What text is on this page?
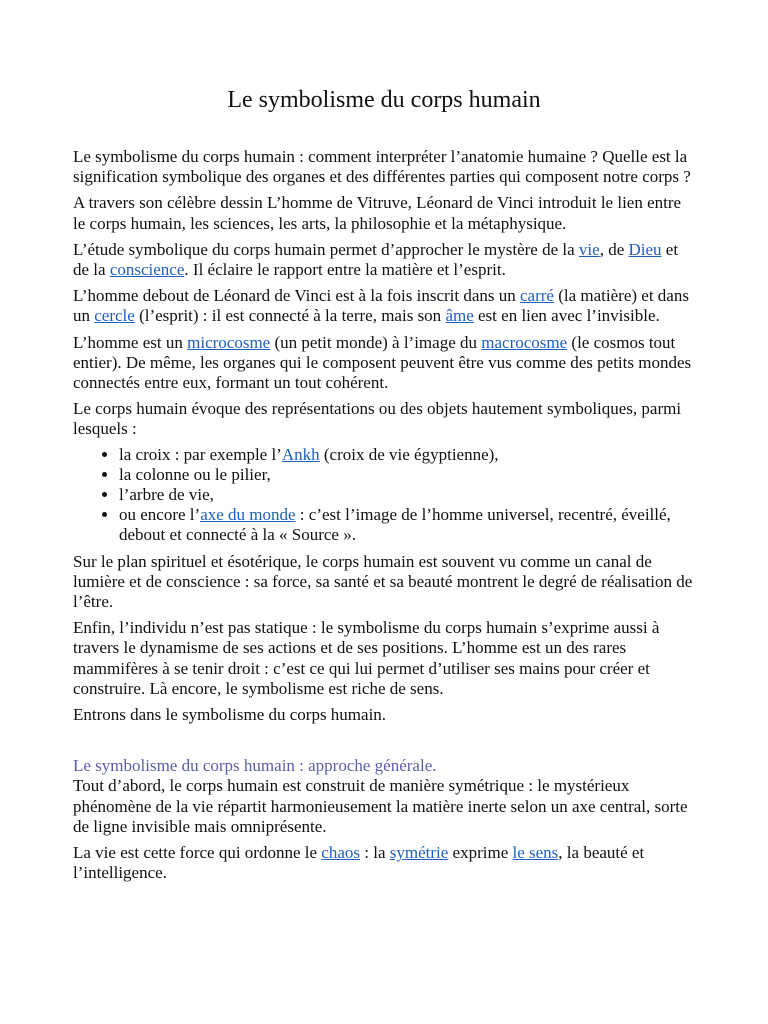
Le symbolisme du corps humain

Le symbolisme du corps humain : comment interpréter l’anatomie humaine ? Quelle est la signification symbolique des organes et des différentes parties qui composent notre corps ?

A travers son célèbre dessin L’homme de Vitruve, Léonard de Vinci introduit le lien entre le corps humain, les sciences, les arts, la philosophie et la métaphysique.

L’étude symbolique du corps humain permet d’approcher le mystère de la vie, de Dieu et de la conscience. Il éclaire le rapport entre la matière et l’esprit.

L’homme debout de Léonard de Vinci est à la fois inscrit dans un carré (la matière) et dans un cercle (l’esprit) : il est connecté à la terre, mais son âme est en lien avec l’invisible.

L’homme est un microcosme (un petit monde) à l’image du macrocosme (le cosmos tout entier). De même, les organes qui le composent peuvent être vus comme des petits mondes connectés entre eux, formant un tout cohérent.

Le corps humain évoque des représentations ou des objets hautement symboliques, parmi lesquels :

• la croix : par exemple l’Ankh (croix de vie égyptienne),
• la colonne ou le pilier,
• l’arbre de vie,
• ou encore l’axe du monde : c’est l’image de l’homme universel, recentré, éveillé, debout et connecté à la « Source ».

Sur le plan spirituel et ésotérique, le corps humain est souvent vu comme un canal de lumière et de conscience : sa force, sa santé et sa beauté montrent le degré de réalisation de l’être.

Enfin, l’individu n’est pas statique : le symbolisme du corps humain s’exprime aussi à travers le dynamisme de ses actions et de ses positions. L’homme est un des rares mammifères à se tenir droit : c’est ce qui lui permet d’utiliser ses mains pour créer et construire. Là encore, le symbolisme est riche de sens.

Entrons dans le symbolisme du corps humain.

Le symbolisme du corps humain : approche générale.

Tout d’abord, le corps humain est construit de manière symétrique : le mystérieux phénomène de la vie répartit harmonieusement la matière inerte selon un axe central, sorte de ligne invisible mais omniprésente.

La vie est cette force qui ordonne le chaos : la symétrie exprime le sens, la beauté et l’intelligence.
